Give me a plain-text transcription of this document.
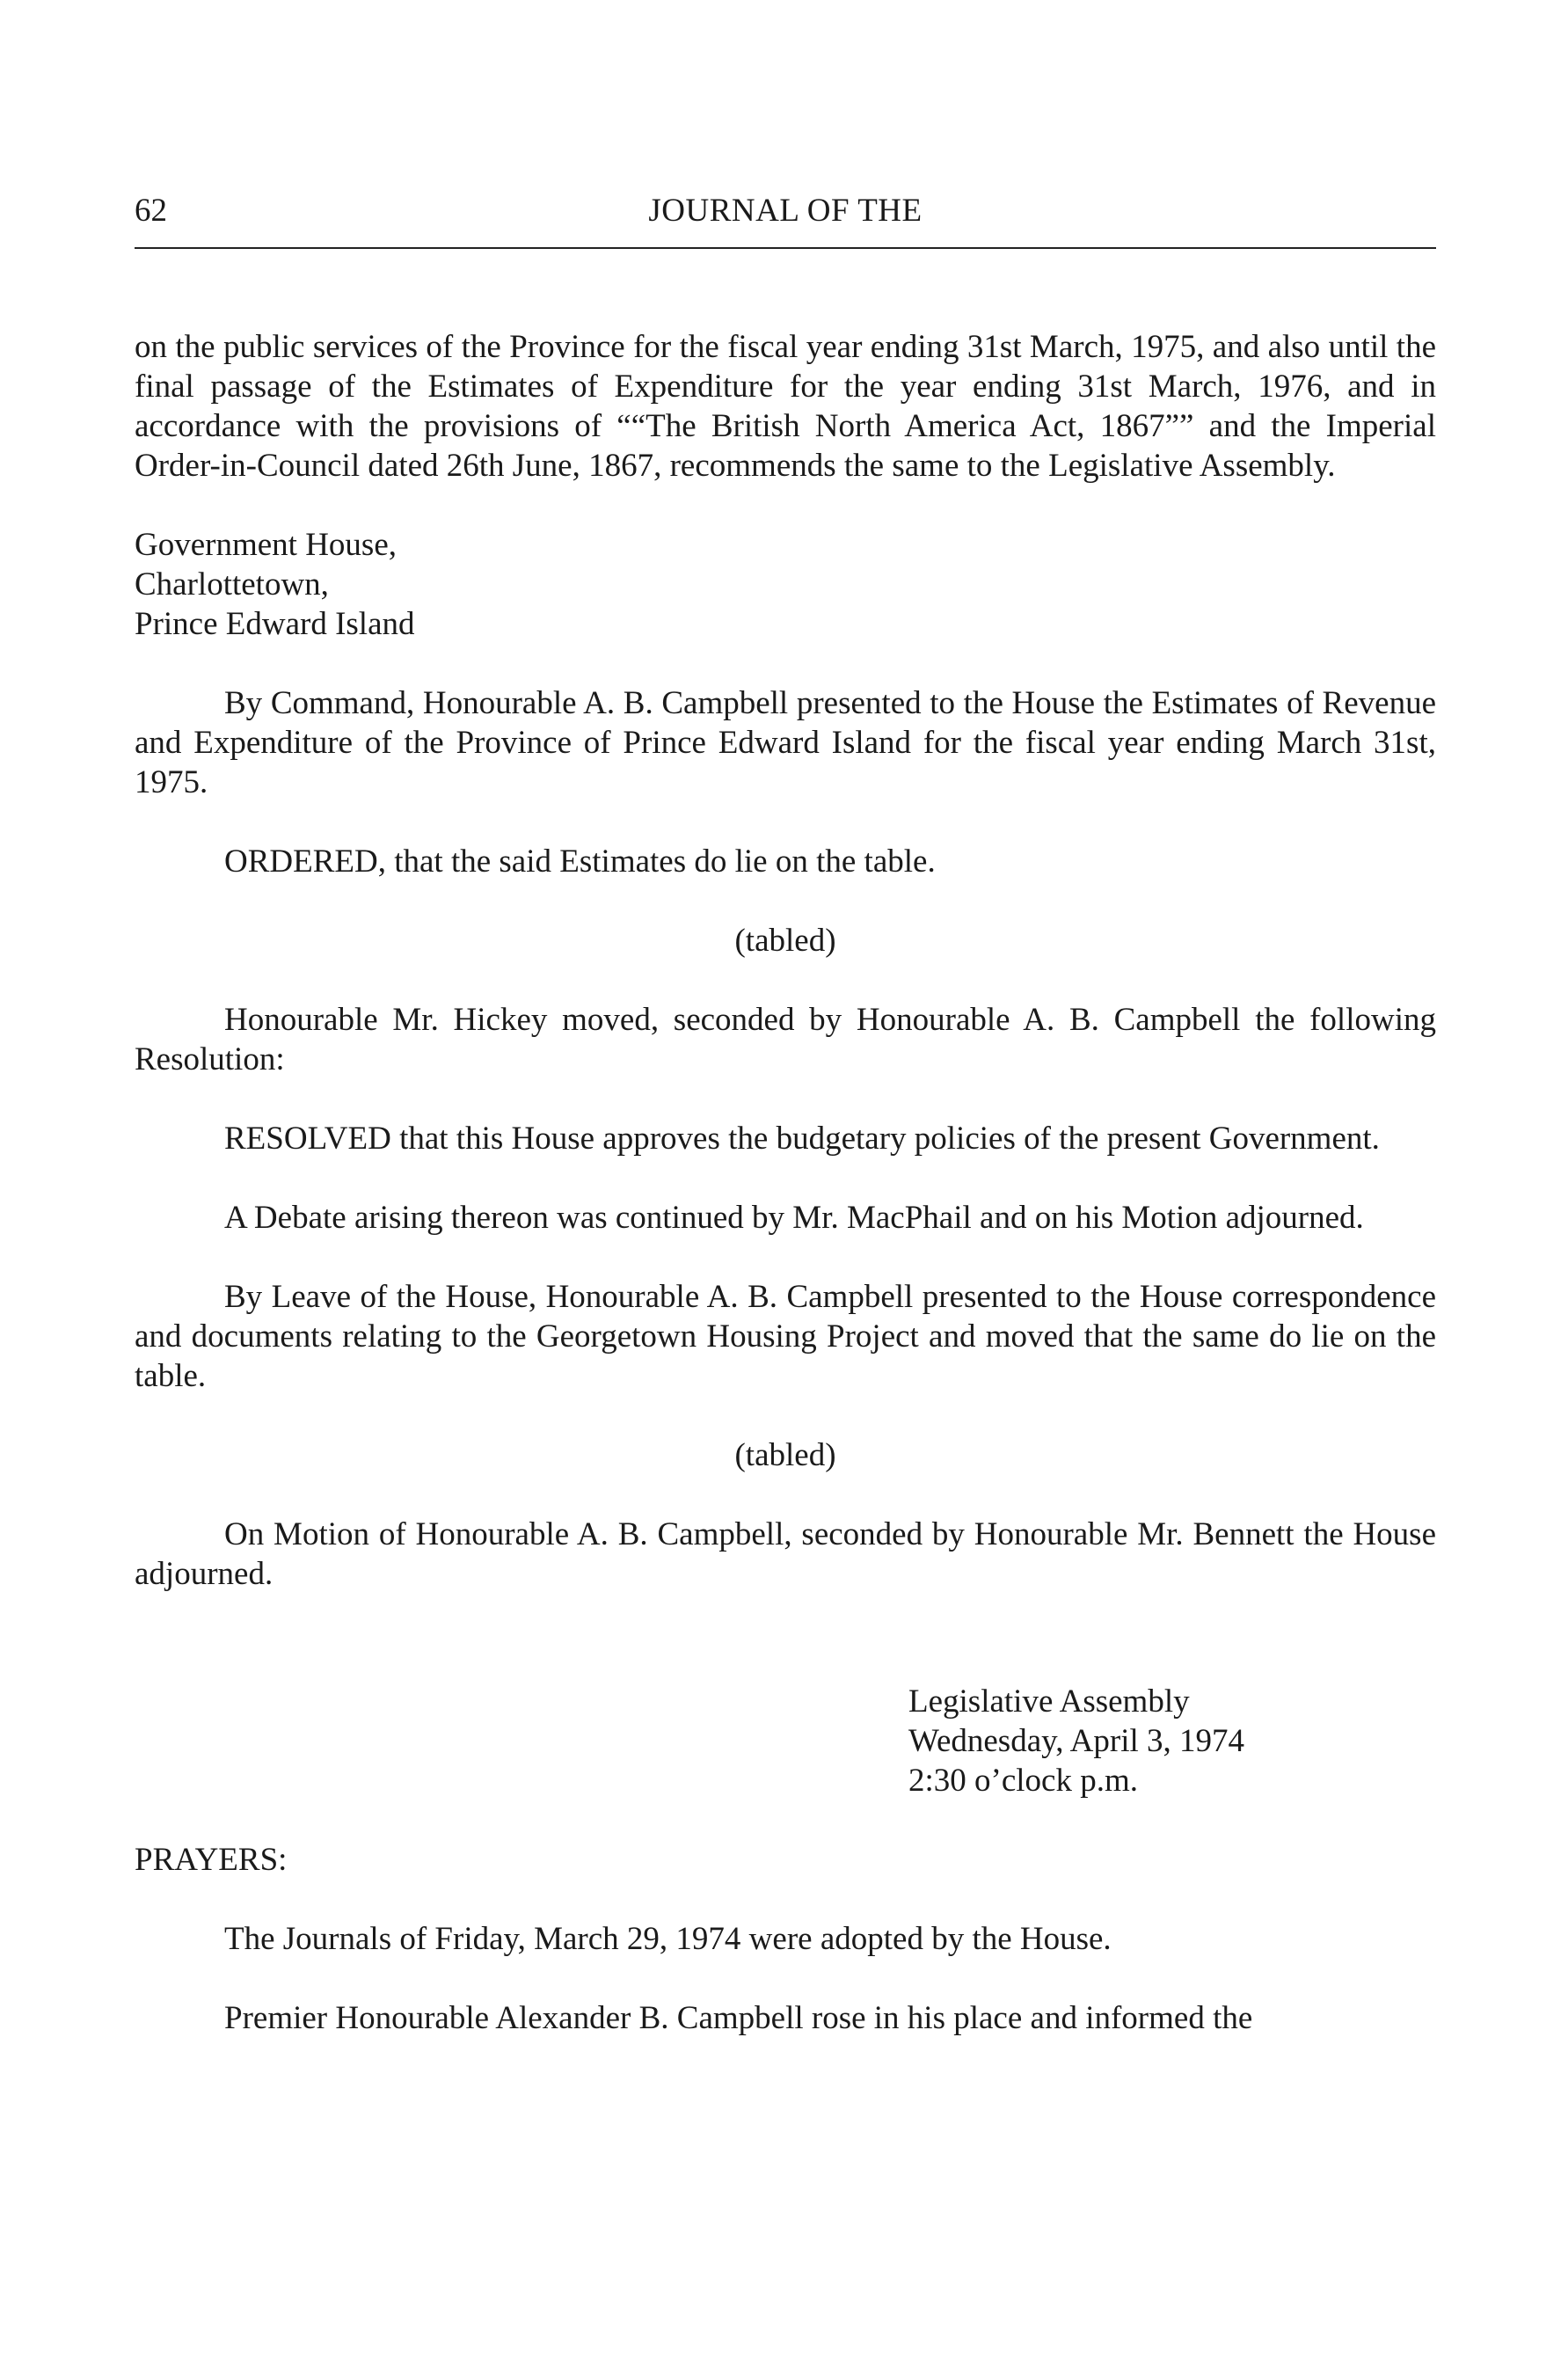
62	JOURNAL OF THE

on the public services of the Province for the fiscal year ending 31st March, 1975, and also until the final passage of the Estimates of Expenditure for the year ending 31st March, 1976, and in accordance with the provisions of ““The British North America Act, 1867”” and the Imperial Order-in-Council dated 26th June, 1867, recommends the same to the Legislative Assembly.

Government House,

Charlottetown,

Prince Edward Island

By Command, Honourable A. B. Campbell presented to the House the Estimates of Revenue and Expenditure of the Province of Prince Edward Island for the fiscal year ending March 31st, 1975.

ORDERED, that the said Estimates do lie on the table.

(tabled)

Honourable Mr. Hickey moved, seconded by Honourable A. B. Campbell the following Resolution:

RESOLVED that this House approves the budgetary policies of the present Government.

A Debate arising thereon was continued by Mr. MacPhail and on his Motion adjourned.

By Leave of the House, Honourable A. B. Campbell presented to the House correspondence and documents relating to the Georgetown Housing Project and moved that the same do lie on the table.

(tabled)

On Motion of Honourable A. B. Campbell, seconded by Honourable Mr. Bennett the House adjourned.

Legislative Assembly

Wednesday, April 3, 1974

2:30 o’clock p.m.

PRAYERS:

The Journals of Friday, March 29, 1974 were adopted by the House.

Premier Honourable Alexander B. Campbell rose in his place and informed the
